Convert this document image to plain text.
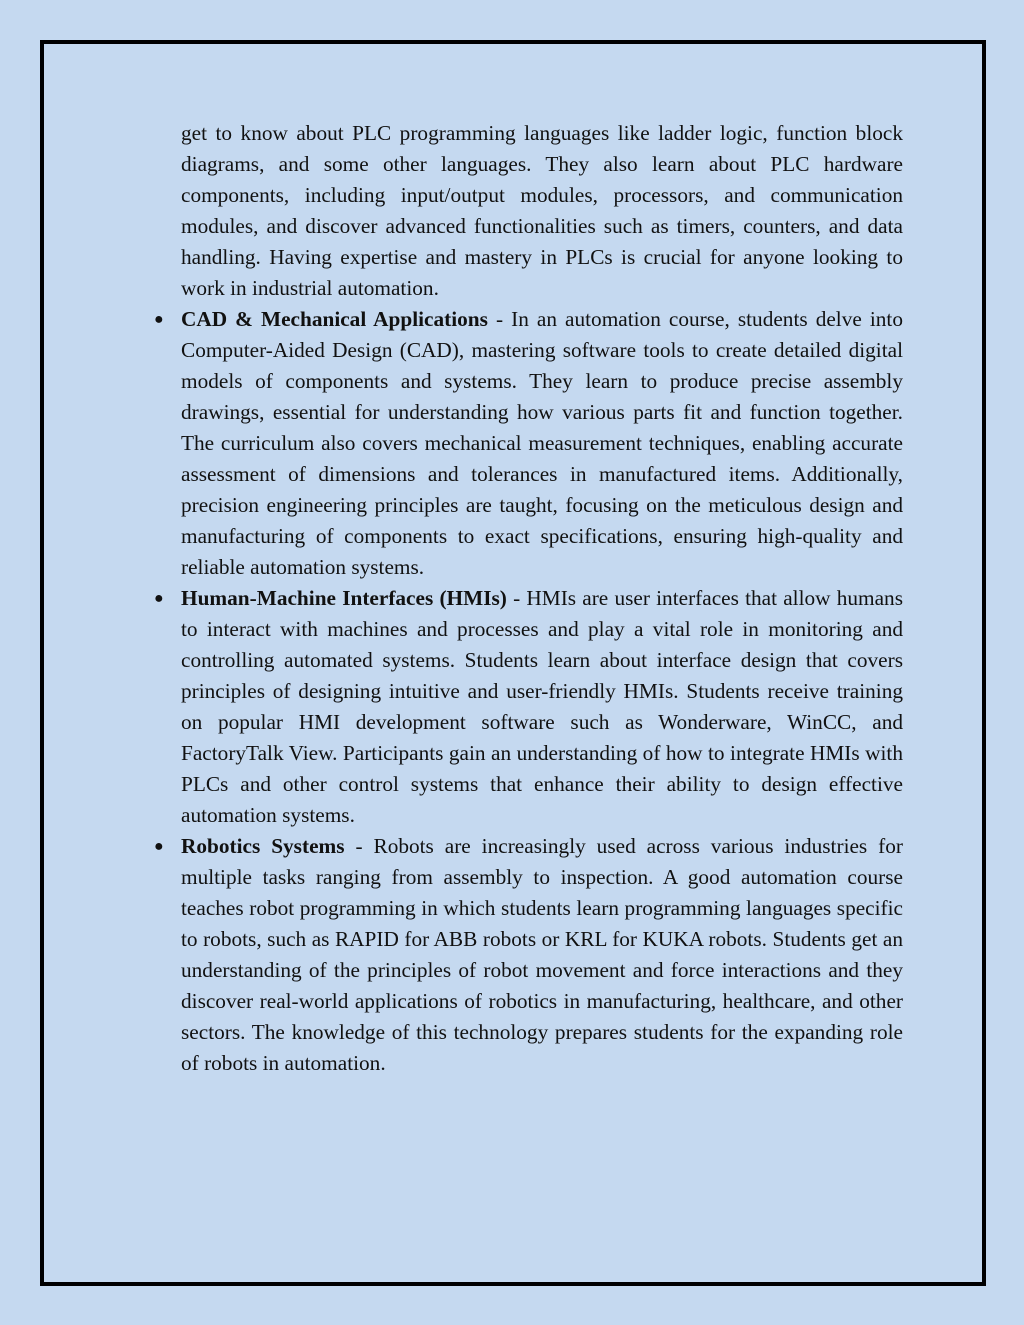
get to know about PLC programming languages like ladder logic, function block diagrams, and some other languages. They also learn about PLC hardware components, including input/output modules, processors, and communication modules, and discover advanced functionalities such as timers, counters, and data handling. Having expertise and mastery in PLCs is crucial for anyone looking to work in industrial automation.

● CAD & Mechanical Applications - In an automation course, students delve into Computer-Aided Design (CAD), mastering software tools to create detailed digital models of components and systems. They learn to produce precise assembly drawings, essential for understanding how various parts fit and function together. The curriculum also covers mechanical measurement techniques, enabling accurate assessment of dimensions and tolerances in manufactured items. Additionally, precision engineering principles are taught, focusing on the meticulous design and manufacturing of components to exact specifications, ensuring high-quality and reliable automation systems.
● Human-Machine Interfaces (HMIs) - HMIs are user interfaces that allow humans to interact with machines and processes and play a vital role in monitoring and controlling automated systems. Students learn about interface design that covers principles of designing intuitive and user-friendly HMIs. Students receive training on popular HMI development software such as Wonderware, WinCC, and FactoryTalk View. Participants gain an understanding of how to integrate HMIs with PLCs and other control systems that enhance their ability to design effective automation systems.
● Robotics Systems - Robots are increasingly used across various industries for multiple tasks ranging from assembly to inspection. A good automation course teaches robot programming in which students learn programming languages specific to robots, such as RAPID for ABB robots or KRL for KUKA robots. Students get an understanding of the principles of robot movement and force interactions and they discover real-world applications of robotics in manufacturing, healthcare, and other sectors. The knowledge of this technology prepares students for the expanding role of robots in automation.
